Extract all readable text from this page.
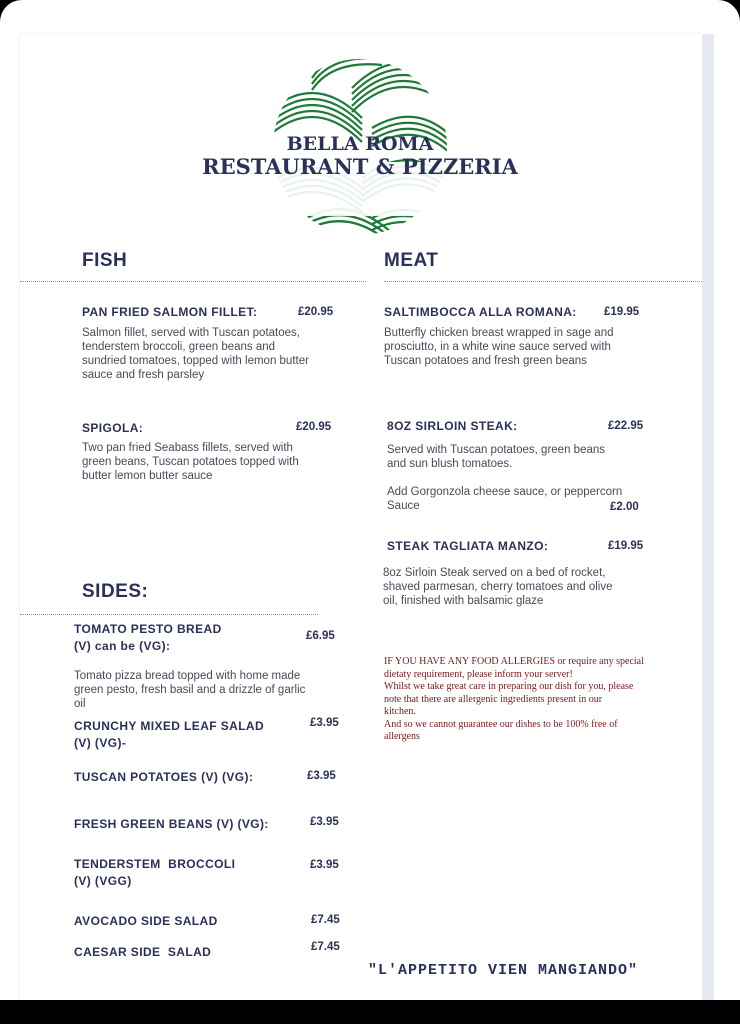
BELLA ROMA
RESTAURANT & PIZZERIA
FISH
PAN FRIED SALMON FILLET:	£20.95
Salmon fillet, served with Tuscan potatoes,
tenderstem broccoli, green beans and
sundried tomatoes, topped with lemon butter
sauce and fresh parsley
SPIGOLA:	£20.95
Two pan fried Seabass fillets, served with
green beans, Tuscan potatoes topped with
butter lemon butter sauce
MEAT
SALTIMBOCCA ALLA ROMANA: £19.95
Butterfly chicken breast wrapped in sage and
prosciutto, in a white wine sauce served with
Tuscan potatoes and fresh green beans
8OZ SIRLOIN STEAK:	£22.95
Served with Tuscan potatoes, green beans
and sun blush tomatoes.
Add Gorgonzola cheese sauce, or peppercorn
Sauce	£2.00
STEAK TAGLIATA MANZO:	£19.95
8oz Sirloin Steak served on a bed of rocket,
shaved parmesan, cherry tomatoes and olive
oil, finished with balsamic glaze
IF YOU HAVE ANY FOOD ALLERGIES or require any special
dietaty requirement, please inform your server!
Whilst we take great care in preparing our dish for you, please
note that there are allergenic ingredients present in our
kitchen.
And so we cannot guarantee our dishes to be 100% free of
allergens
SIDES:
TOMATO PESTO BREAD
(V) can be (VG):
£6.95
Tomato pizza bread topped with home made
green pesto, fresh basil and a drizzle of garlic
oil
CRUNCHY MIXED LEAF SALAD
(V) (VG)-
£3.95
TUSCAN POTATOES (V) (VG):	£3.95
FRESH GREEN BEANS (V) (VG):	£3.95
TENDERSTEM  BROCCOLI
(V) (VGG)
£3.95
AVOCADO SIDE SALAD	£7.45
CAESAR SIDE  SALAD	£7.45
"L'APPETITO VIEN MANGIANDO"
